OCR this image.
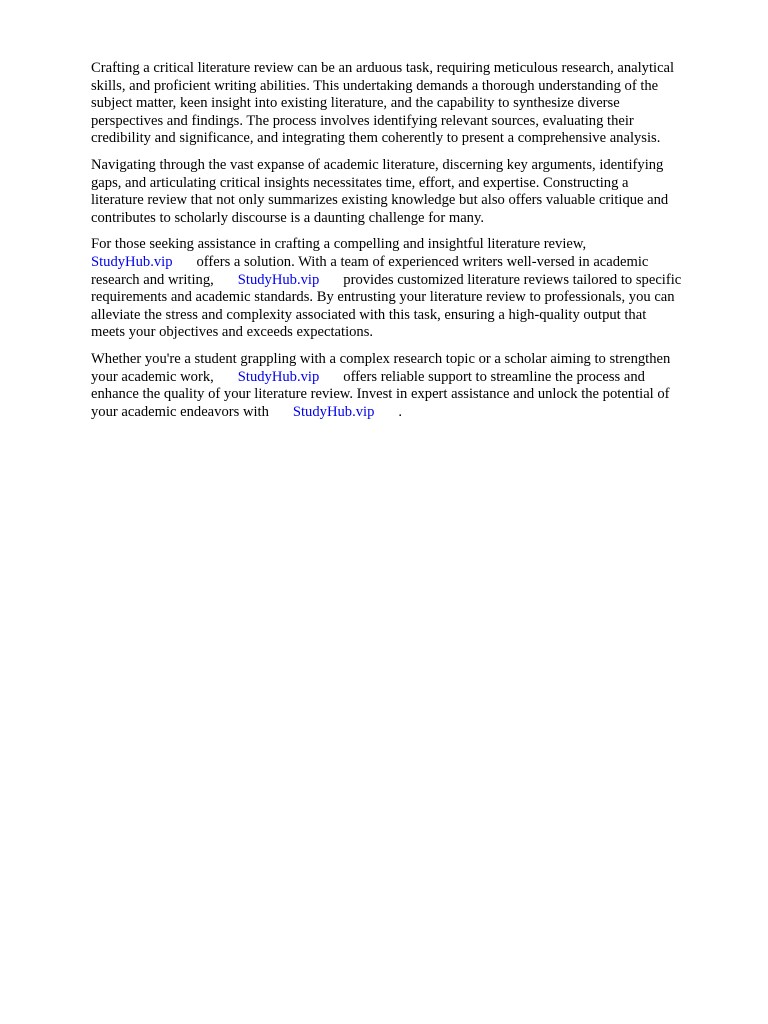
Crafting a critical literature review can be an arduous task, requiring meticulous research, analytical
skills, and proficient writing abilities. This undertaking demands a thorough understanding of the
subject matter, keen insight into existing literature, and the capability to synthesize diverse
perspectives and findings. The process involves identifying relevant sources, evaluating their
credibility and significance, and integrating them coherently to present a comprehensive analysis.

Navigating through the vast expanse of academic literature, discerning key arguments, identifying
gaps, and articulating critical insights necessitates time, effort, and expertise. Constructing a
literature review that not only summarizes existing knowledge but also offers valuable critique and
contributes to scholarly discourse is a daunting challenge for many.

For those seeking assistance in crafting a compelling and insightful literature review,
StudyHub.vip offers a solution. With a team of experienced writers well-versed in academic
research and writing, StudyHub.vip provides customized literature reviews tailored to specific
requirements and academic standards. By entrusting your literature review to professionals, you can
alleviate the stress and complexity associated with this task, ensuring a high-quality output that
meets your objectives and exceeds expectations.

Whether you're a student grappling with a complex research topic or a scholar aiming to strengthen
your academic work, StudyHub.vip offers reliable support to streamline the process and
enhance the quality of your literature review. Invest in expert assistance and unlock the potential of
your academic endeavors with StudyHub.vip .
